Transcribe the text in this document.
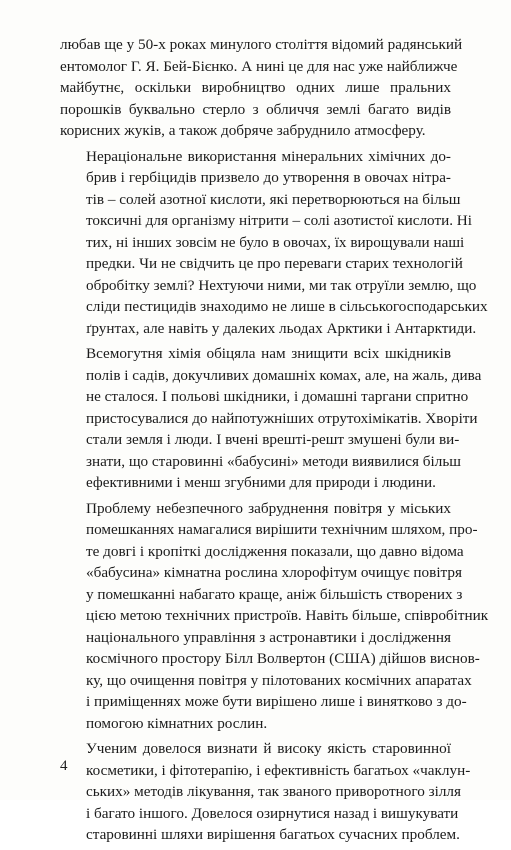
любав ще у 50-х роках минулого століття відомий радянський
ентомолог Г. Я. Бей-Бієнко. А нині це для нас уже найближче
майбутнє, оскільки виробництво одних лише пральних
порошків буквально стерло з обличчя землі багато видів
корисних жуків, а також добряче забруднило атмосферу.
Нераціональне використання мінеральних хімічних до-
брив і гербіцидів призвело до утворення в овочах нітра-
тів – солей азотної кислоти, які перетворюються на більш
токсичні для організму нітрити – солі азотистої кислоти. Ні
тих, ні інших зовсім не було в овочах, їх вирощували наші
предки. Чи не свідчить це про переваги старих технологій
обробітку землі? Нехтуючи ними, ми так отруїли землю, що
сліди пестицидів знаходимо не лише в сільськогосподарських
ґрунтах, але навіть у далеких льодах Арктики і Антарктиди.
Всемогутня хімія обіцяла нам знищити всіх шкідників
полів і садів, докучливих домашніх комах, але, на жаль, дива
не сталося. І польові шкідники, і домашні таргани спритно
пристосувалися до найпотужніших отрутохімікатів. Хворіти
стали земля і люди. І вчені врешті-решт змушені були ви-
знати, що старовинні «бабусині» методи виявилися більш
ефективними і менш згубними для природи і людини.
Проблему небезпечного забруднення повітря у міських
помешканнях намагалися вирішити технічним шляхом, про-
те довгі і кропіткі дослідження показали, що давно відома
«бабусина» кімнатна рослина хлорофітум очищує повітря
у помешканні набагато краще, аніж більшість створених з
цією метою технічних пристроїв. Навіть більше, співробітник
національного управління з астронавтики і дослідження
космічного простору Білл Волвертон (США) дійшов виснов-
ку, що очищення повітря у пілотованих космічних апаратах
і приміщеннях може бути вирішено лише і винятково з до-
помогою кімнатних рослин.
Ученим довелося визнати й високу якість старовинної
косметики, і фітотерапію, і ефективність багатьох «чаклун-
ських» методів лікування, так званого приворотного зілля
і багато іншого. Довелося озирнутися назад і вишукувати
старовинні шляхи вирішення багатьох сучасних проблем.
4
